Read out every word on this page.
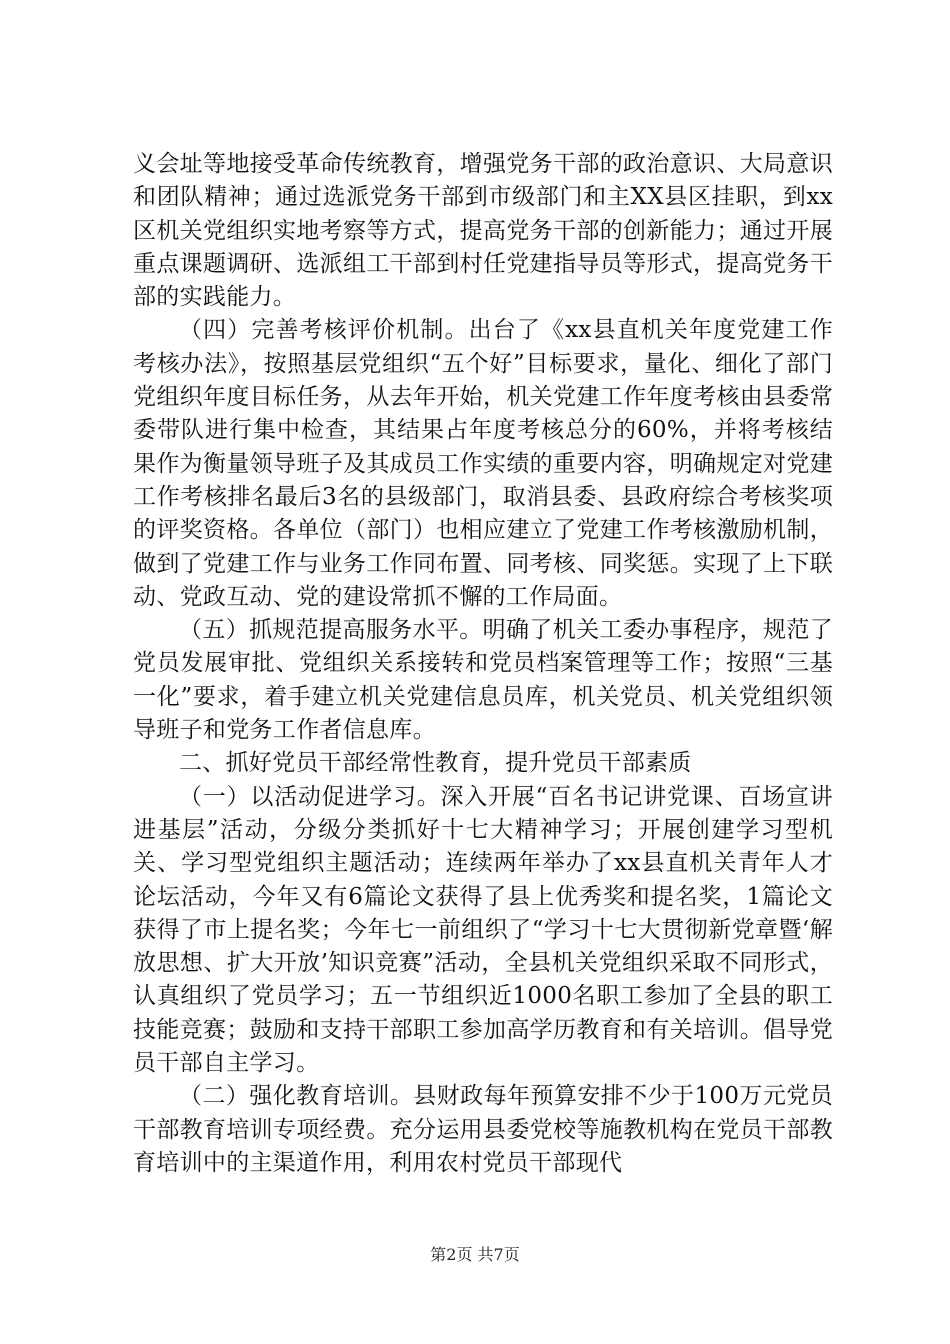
义会址等地接受革命传统教育，增强党务干部的政治意识、大局意识和团队精神；通过选派党务干部到市级部门和主XX县区挂职，到xx区机关党组织实地考察等方式，提高党务干部的创新能力；通过开展重点课题调研、选派组工干部到村任党建指导员等形式，提高党务干部的实践能力。

（四）完善考核评价机制。出台了《xx县直机关年度党建工作考核办法》，按照基层党组织“五个好”目标要求，量化、细化了部门党组织年度目标任务，从去年开始，机关党建工作年度考核由县委常委带队进行集中检查，其结果占年度考核总分的60%，并将考核结果作为衡量领导班子及其成员工作实绩的重要内容，明确规定对党建工作考核排名最后3名的县级部门，取消县委、县政府综合考核奖项的评奖资格。各单位（部门）也相应建立了党建工作考核激励机制，做到了党建工作与业务工作同布置、同考核、同奖惩。实现了上下联动、党政互动、党的建设常抓不懈的工作局面。

（五）抓规范提高服务水平。明确了机关工委办事程序，规范了党员发展审批、党组织关系接转和党员档案管理等工作；按照“三基一化”要求，着手建立机关党建信息员库，机关党员、机关党组织领导班子和党务工作者信息库。

二、抓好党员干部经常性教育，提升党员干部素质

（一）以活动促进学习。深入开展“百名书记讲党课、百场宣讲进基层”活动，分级分类抓好十七大精神学习；开展创建学习型机关、学习型党组织主题活动；连续两年举办了xx县直机关青年人才论坛活动，今年又有6篇论文获得了县上优秀奖和提名奖，1篇论文获得了市上提名奖；今年七一前组织了“学习十七大贯彻新党章暨‘解放思想、扩大开放’知识竞赛”活动，全县机关党组织采取不同形式，认真组织了党员学习；五一节组织近1000名职工参加了全县的职工技能竞赛；鼓励和支持干部职工参加高学历教育和有关培训。倡导党员干部自主学习。

（二）强化教育培训。县财政每年预算安排不少于100万元党员干部教育培训专项经费。充分运用县委党校等施教机构在党员干部教育培训中的主渠道作用，利用农村党员干部现代

第2页 共7页
